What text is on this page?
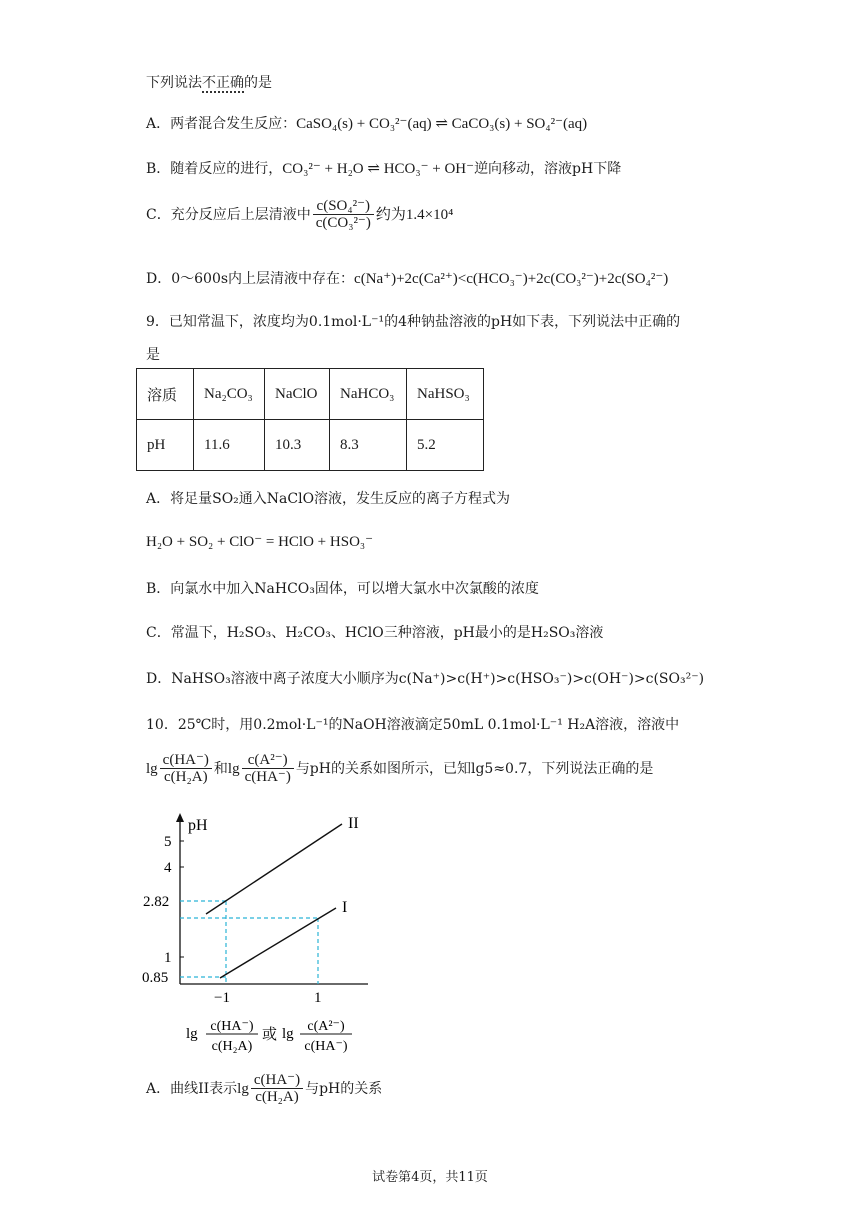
下列说法不正确的是
A．两者混合发生反应：CaSO₄(s) + CO₃²⁻(aq) ⇌ CaCO₃(s) + SO₄²⁻(aq)
B．随着反应的进行，CO₃²⁻ + H₂O ⇌ HCO₃⁻ + OH⁻逆向移动，溶液pH下降
C．充分反应后上层清液中 $\frac{\text{c(SO₄²⁻)}}{\text{c(CO₃²⁻)}}$ 约为1.4×10⁴
D．0～600s内上层清液中存在：c(Na⁺)+2c(Ca²⁺)<c(HCO₃⁻)+2c(CO₃²⁻)+2c(SO₄²⁻)
9．已知常温下，浓度均为0.1mol·L⁻¹的4种钠盐溶液的pH如下表，下列说法中正确的
是
溶质	Na₂CO₃	NaClO	NaHCO₃	NaHSO₃
pH	11.6	10.3	8.3	5.2
A．将足量SO₂通入NaClO溶液，发生反应的离子方程式为
H₂O + SO₂ + ClO⁻ = HClO + HSO₃⁻
B．向氯水中加入NaHCO₃固体，可以增大氯水中次氯酸的浓度
C．常温下，H₂SO₃、H₂CO₃、HClO三种溶液，pH最小的是H₂SO₃溶液
D．NaHSO₃溶液中离子浓度大小顺序为c(Na⁺)>c(H⁺)>c(HSO₃⁻)>c(OH⁻)>c(SO₃²⁻)
10．25℃时，用0.2mol·L⁻¹的NaOH溶液滴定50mL 0.1mol·L⁻¹ H₂A溶液，溶液中
$\lg \frac{c(HA^-)}{\text{c(H₂A)}}$ 和$\lg \frac{\text{c(A²⁻)}}{c(HA^-)}$ 与pH的关系如图所示，已知lg5≈0.7，下列说法正确的是
pH
5
4
2.82
1
0.85
II
I
−1	1
lg c(HA⁻)
c(H₂A)
或 lg c(A²⁻)
c(HA⁻)
A．曲线II表示$\lg \frac{c(HA^-)}{\text{c(H₂A)}}$ 与pH的关系
试卷第4页，共11页
